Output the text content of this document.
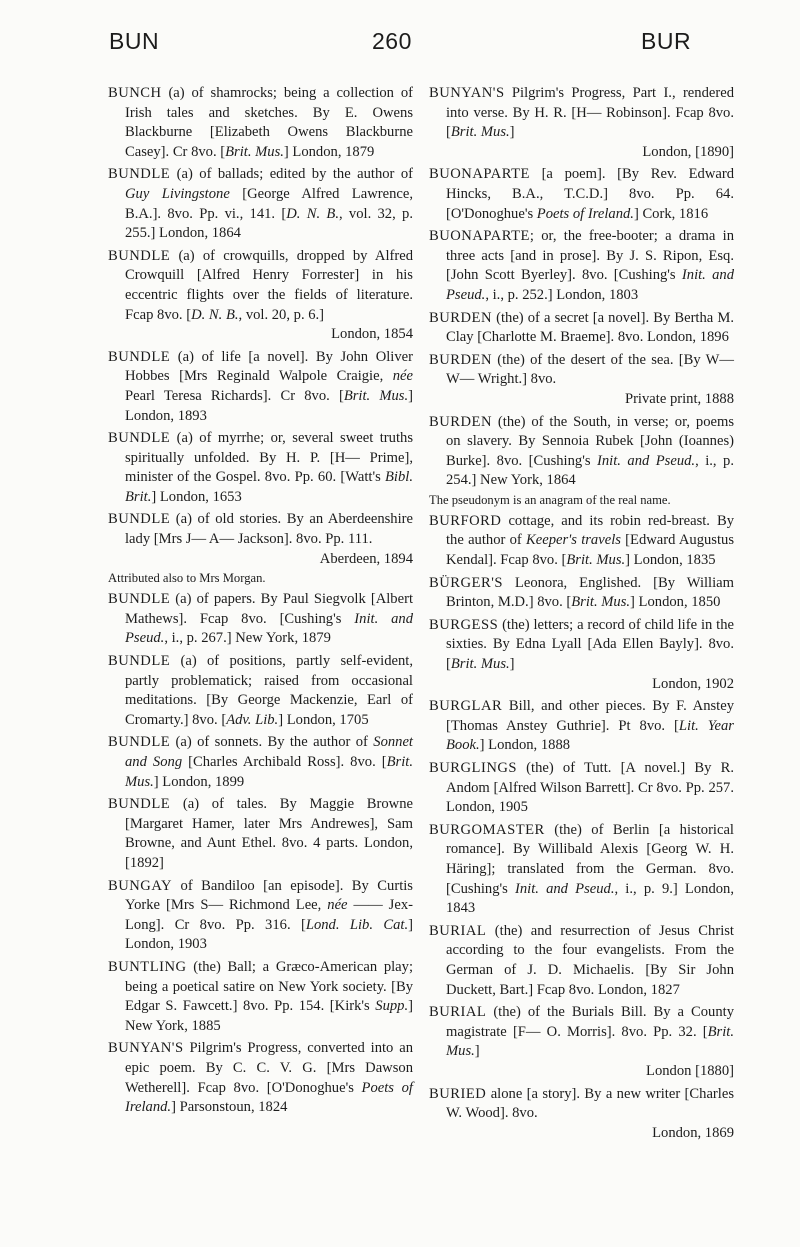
BUN	260	BUR

BUNCH (a) of shamrocks; being a collection of Irish tales and sketches. By E. Owens Blackburne [Elizabeth Owens Blackburne Casey]. Cr 8vo. [Brit. Mus.] London, 1879

BUNDLE (a) of ballads; edited by the author of Guy Livingstone [George Alfred Lawrence, B.A.]. 8vo. Pp. vi., 141. [D. N. B., vol. 32, p. 255.] London, 1864

BUNDLE (a) of crowquills, dropped by Alfred Crowquill [Alfred Henry Forrester] in his eccentric flights over the fields of literature. Fcap 8vo. [D. N. B., vol. 20, p. 6.]
London, 1854

BUNDLE (a) of life [a novel]. By John Oliver Hobbes [Mrs Reginald Walpole Craigie, née Pearl Teresa Richards]. Cr 8vo. [Brit. Mus.] London, 1893

BUNDLE (a) of myrrhe; or, several sweet truths spiritually unfolded. By H. P. [H— Prime], minister of the Gospel. 8vo. Pp. 60. [Watt's Bibl. Brit.] London, 1653

BUNDLE (a) of old stories. By an Aberdeenshire lady [Mrs J— A— Jackson]. 8vo. Pp. 111.
Aberdeen, 1894
Attributed also to Mrs Morgan.

BUNDLE (a) of papers. By Paul Siegvolk [Albert Mathews]. Fcap 8vo. [Cushing's Init. and Pseud., i., p. 267.] New York, 1879

BUNDLE (a) of positions, partly self-evident, partly problematick; raised from occasional meditations. [By George Mackenzie, Earl of Cromarty.] 8vo. [Adv. Lib.] London, 1705

BUNDLE (a) of sonnets. By the author of Sonnet and Song [Charles Archibald Ross]. 8vo. [Brit. Mus.] London, 1899

BUNDLE (a) of tales. By Maggie Browne [Margaret Hamer, later Mrs Andrewes], Sam Browne, and Aunt Ethel. 8vo. 4 parts. London, [1892]

BUNGAY of Bandiloo [an episode]. By Curtis Yorke [Mrs S— Richmond Lee, née —— Jex-Long]. Cr 8vo. Pp. 316. [Lond. Lib. Cat.] London, 1903

BUNTLING (the) Ball; a Græco-American play; being a poetical satire on New York society. [By Edgar S. Fawcett.] 8vo. Pp. 154. [Kirk's Supp.] New York, 1885

BUNYAN'S Pilgrim's Progress, converted into an epic poem. By C. C. V. G. [Mrs Dawson Wetherell]. Fcap 8vo. [O'Donoghue's Poets of Ireland.] Parsonstoun, 1824

BUNYAN'S Pilgrim's Progress, Part I., rendered into verse. By H. R. [H— Robinson]. Fcap 8vo. [Brit. Mus.]
London, [1890]

BUONAPARTE [a poem]. [By Rev. Edward Hincks, B.A., T.C.D.] 8vo. Pp. 64. [O'Donoghue's Poets of Ireland.] Cork, 1816

BUONAPARTE; or, the free-booter; a drama in three acts [and in prose]. By J. S. Ripon, Esq. [John Scott Byerley]. 8vo. [Cushing's Init. and Pseud., i., p. 252.] London, 1803

BURDEN (the) of a secret [a novel]. By Bertha M. Clay [Charlotte M. Braeme]. 8vo. London, 1896

BURDEN (the) of the desert of the sea. [By W— W— Wright.] 8vo.
Private print, 1888

BURDEN (the) of the South, in verse; or, poems on slavery. By Sennoia Rubek [John (Ioannes) Burke]. 8vo. [Cushing's Init. and Pseud., i., p. 254.] New York, 1864
The pseudonym is an anagram of the real name.

BURFORD cottage, and its robin red-breast. By the author of Keeper's travels [Edward Augustus Kendal]. Fcap 8vo. [Brit. Mus.] London, 1835

BÜRGER'S Leonora, Englished. [By William Brinton, M.D.] 8vo. [Brit. Mus.] London, 1850

BURGESS (the) letters; a record of child life in the sixties. By Edna Lyall [Ada Ellen Bayly]. 8vo. [Brit. Mus.]
London, 1902

BURGLAR Bill, and other pieces. By F. Anstey [Thomas Anstey Guthrie]. Pt 8vo. [Lit. Year Book.] London, 1888

BURGLINGS (the) of Tutt. [A novel.] By R. Andom [Alfred Wilson Barrett]. Cr 8vo. Pp. 257. London, 1905

BURGOMASTER (the) of Berlin [a historical romance]. By Willibald Alexis [Georg W. H. Häring]; translated from the German. 8vo. [Cushing's Init. and Pseud., i., p. 9.] London, 1843

BURIAL (the) and resurrection of Jesus Christ according to the four evangelists. From the German of J. D. Michaelis. [By Sir John Duckett, Bart.] Fcap 8vo. London, 1827

BURIAL (the) of the Burials Bill. By a County magistrate [F— O. Morris]. 8vo. Pp. 32. [Brit. Mus.]
London [1880]

BURIED alone [a story]. By a new writer [Charles W. Wood]. 8vo.
London, 1869
